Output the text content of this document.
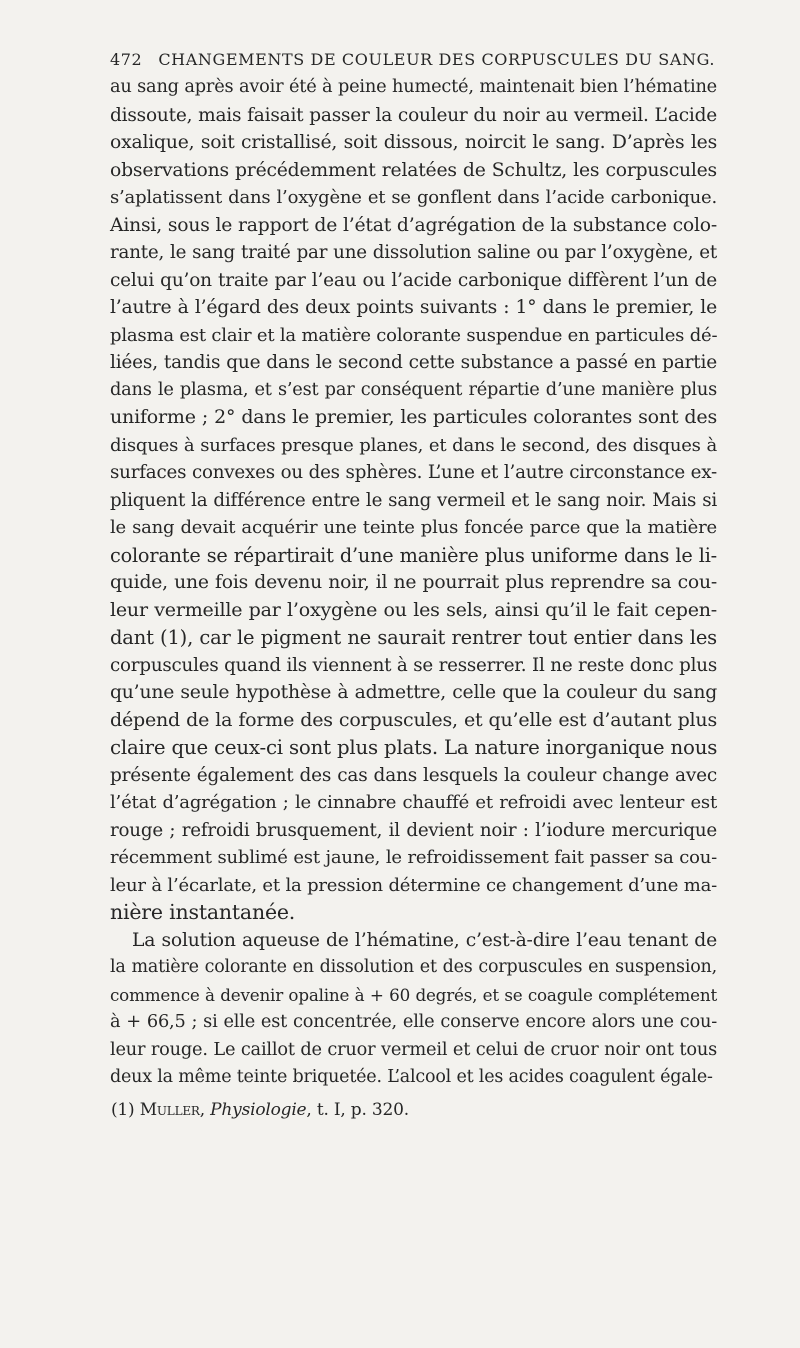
472 CHANGEMENTS DE COULEUR DES CORPUSCULES DU SANG.

au sang après avoir été à peine humecté, maintenait bien l’hématine
dissoute, mais faisait passer la couleur du noir au vermeil. L’acide
oxalique, soit cristallisé, soit dissous, noircit le sang. D’après les
observations précédemment relatées de Schultz, les corpuscules
s’aplatissent dans l’oxygène et se gonflent dans l’acide carbonique.
Ainsi, sous le rapport de l’état d’agrégation de la substance colo-
rante, le sang traité par une dissolution saline ou par l’oxygène, et
celui qu’on traite par l’eau ou l’acide carbonique diffèrent l’un de
l’autre à l’égard des deux points suivants : 1° dans le premier, le
plasma est clair et la matière colorante suspendue en particules dé-
liées, tandis que dans le second cette substance a passé en partie
dans le plasma, et s’est par conséquent répartie d’une manière plus
uniforme ; 2° dans le premier, les particules colorantes sont des
disques à surfaces presque planes, et dans le second, des disques à
surfaces convexes ou des sphères. L’une et l’autre circonstance ex-
pliquent la différence entre le sang vermeil et le sang noir. Mais si
le sang devait acquérir une teinte plus foncée parce que la matière
colorante se répartirait d’une manière plus uniforme dans le li-
quide, une fois devenu noir, il ne pourrait plus reprendre sa cou-
leur vermeille par l’oxygène ou les sels, ainsi qu’il le fait cepen-
dant (1), car le pigment ne saurait rentrer tout entier dans les
corpuscules quand ils viennent à se resserrer. Il ne reste donc plus
qu’une seule hypothèse à admettre, celle que la couleur du sang
dépend de la forme des corpuscules, et qu’elle est d’autant plus
claire que ceux-ci sont plus plats. La nature inorganique nous
présente également des cas dans lesquels la couleur change avec
l’état d’agrégation ; le cinnabre chauffé et refroidi avec lenteur est
rouge ; refroidi brusquement, il devient noir : l’iodure mercurique
récemment sublimé est jaune, le refroidissement fait passer sa cou-
leur à l’écarlate, et la pression détermine ce changement d’une ma-
nière instantanée.

La solution aqueuse de l’hématine, c’est-à-dire l’eau tenant de
la matière colorante en dissolution et des corpuscules en suspension,
commence à devenir opaline à + 60 degrés, et se coagule complétement
à + 66,5 ; si elle est concentrée, elle conserve encore alors une cou-
leur rouge. Le caillot de cruor vermeil et celui de cruor noir ont tous
deux la même teinte briquetée. L’alcool et les acides coagulent égale-

(1) Muller, Physiologie, t. I, p. 320.
